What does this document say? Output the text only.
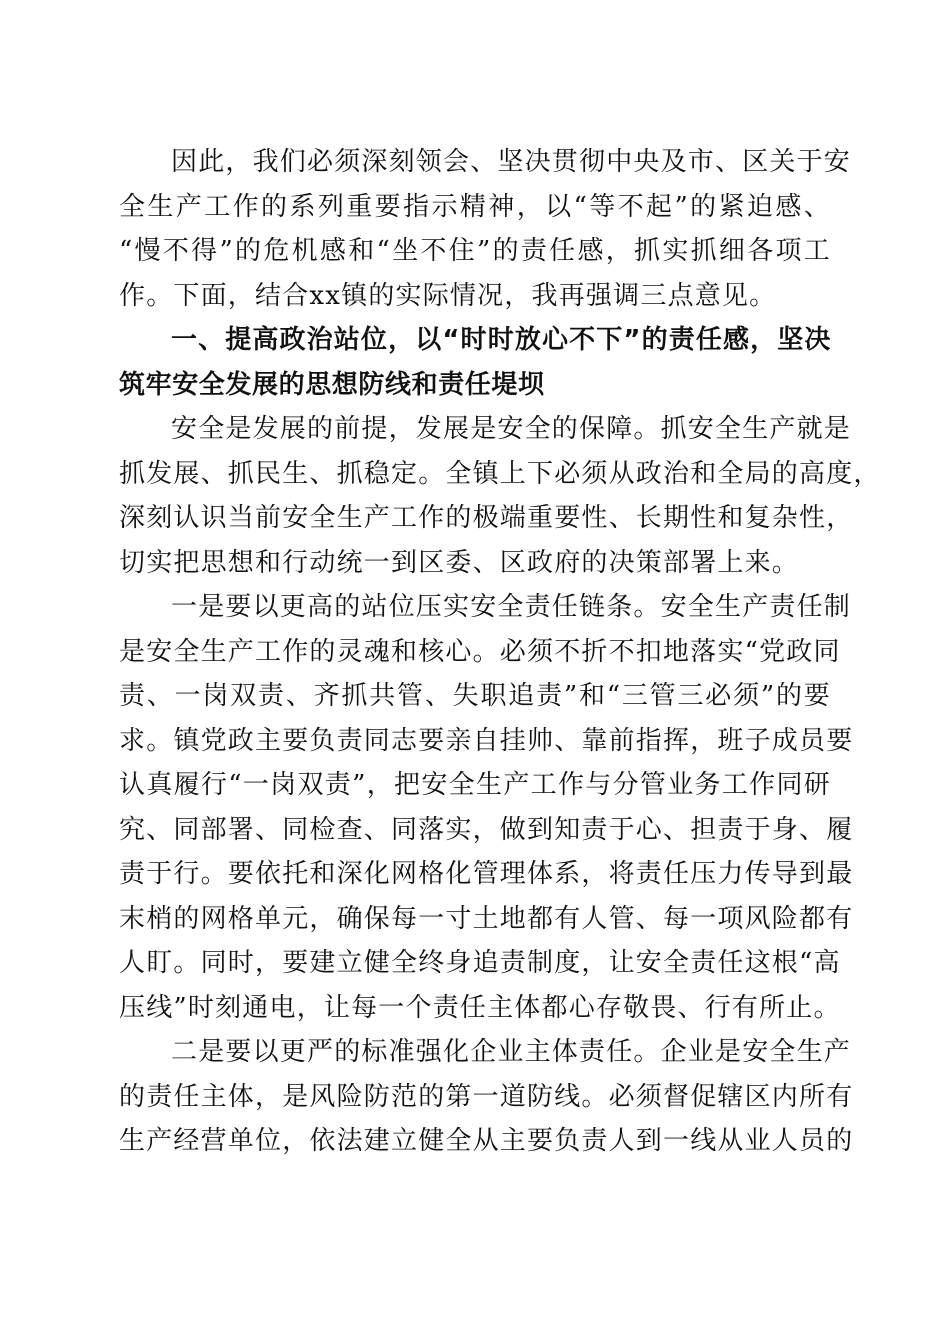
因此，我们必须深刻领会、坚决贯彻中央及市、区关于安
全生产工作的系列重要指示精神，以“等不起”的紧迫感、
“慢不得”的危机感和“坐不住”的责任感，抓实抓细各项工
作。下面，结合xx镇的实际情况，我再强调三点意见。
一、提高政治站位，以“时时放心不下”的责任感，坚决
筑牢安全发展的思想防线和责任堤坝
安全是发展的前提，发展是安全的保障。抓安全生产就是
抓发展、抓民生、抓稳定。全镇上下必须从政治和全局的高度，
深刻认识当前安全生产工作的极端重要性、长期性和复杂性，
切实把思想和行动统一到区委、区政府的决策部署上来。
一是要以更高的站位压实安全责任链条。安全生产责任制
是安全生产工作的灵魂和核心。必须不折不扣地落实“党政同
责、一岗双责、齐抓共管、失职追责”和“三管三必须”的要
求。镇党政主要负责同志要亲自挂帅、靠前指挥，班子成员要
认真履行“一岗双责”，把安全生产工作与分管业务工作同研
究、同部署、同检查、同落实，做到知责于心、担责于身、履
责于行。要依托和深化网格化管理体系，将责任压力传导到最
末梢的网格单元，确保每一寸土地都有人管、每一项风险都有
人盯。同时，要建立健全终身追责制度，让安全责任这根“高
压线”时刻通电，让每一个责任主体都心存敬畏、行有所止。
二是要以更严的标准强化企业主体责任。企业是安全生产
的责任主体，是风险防范的第一道防线。必须督促辖区内所有
生产经营单位，依法建立健全从主要负责人到一线从业人员的
